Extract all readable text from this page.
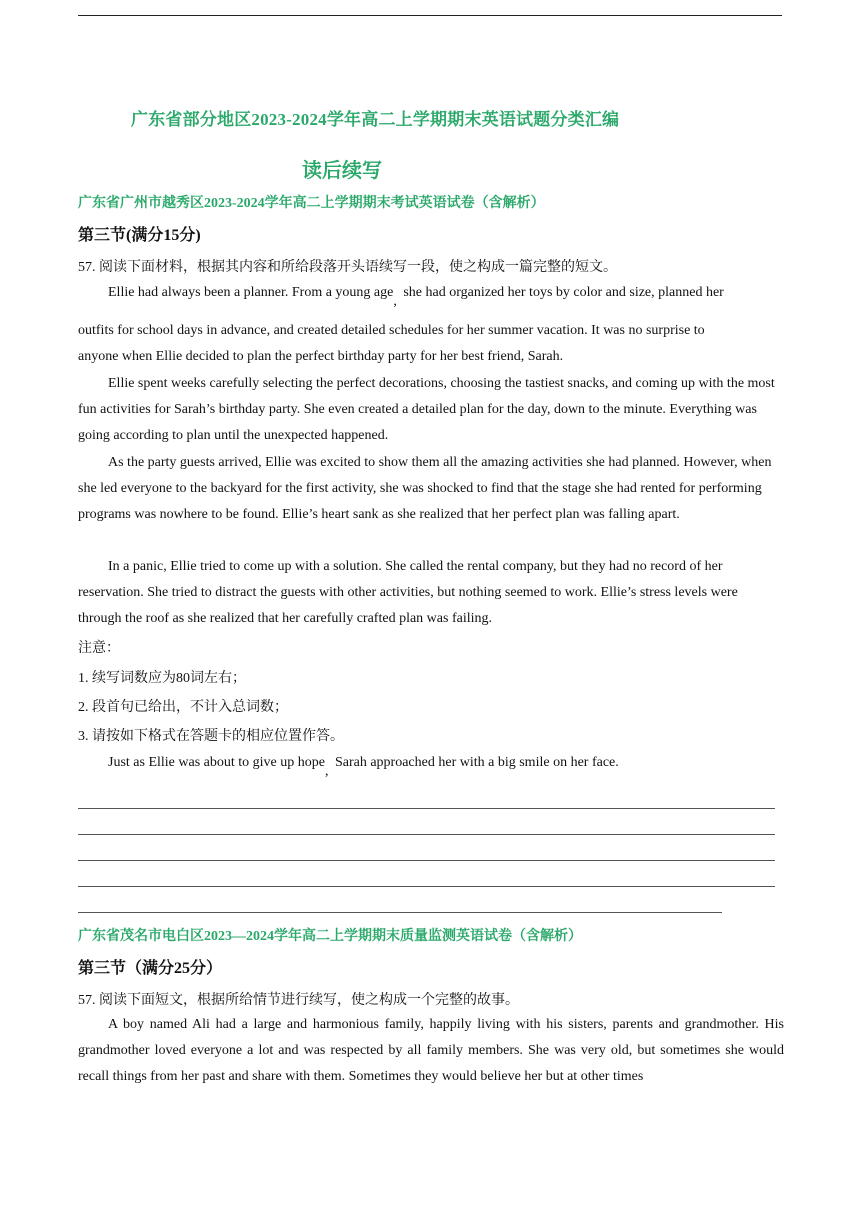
广东省部分地区2023-2024学年高二上学期期末英语试题分类汇编
读后续写
广东省广州市越秀区2023-2024学年高二上学期期末考试英语试卷（含解析）
第三节(满分15分)
57. 阅读下面材料，根据其内容和所给段落开头语续写一段，使之构成一篇完整的短文。
Ellie had always been a planner. From a young age, she had organized her toys by color and size, planned her
outfits for school days in advance, and created detailed schedules for her summer vacation. It was no surprise to
anyone when Ellie decided to plan the perfect birthday party for her best friend, Sarah.
Ellie spent weeks carefully selecting the perfect decorations, choosing the tastiest snacks, and coming up with the most fun activities for Sarah’s birthday party. She even created a detailed plan for the day, down to the minute. Everything was going according to plan until the unexpected happened.
As the party guests arrived, Ellie was excited to show them all the amazing activities she had planned. However, when she led everyone to the backyard for the first activity, she was shocked to find that the stage she had rented for performing programs was nowhere to be found. Ellie’s heart sank as she realized that her perfect plan was falling apart.
In a panic, Ellie tried to come up with a solution. She called the rental company, but they had no record of her reservation. She tried to distract the guests with other activities, but nothing seemed to work. Ellie’s stress levels were through the roof as she realized that her carefully crafted plan was failing.
注意：
1. 续写词数应为80词左右；
2. 段首句已给出，不计入总词数；
3. 请按如下格式在答题卡的相应位置作答。
Just as Ellie was about to give up hope, Sarah approached her with a big smile on her face.
广东省茂名市电白区2023—2024学年高二上学期期末质量监测英语试卷（含解析）
第三节（满分25分）
57. 阅读下面短文，根据所给情节进行续写，使之构成一个完整的故事。
A boy named Ali had a large and harmonious family, happily living with his sisters, parents and grandmother. His grandmother loved everyone a lot and was respected by all family members. She was very old, but sometimes she would recall things from her past and share with them. Sometimes they would believe her but at other times
